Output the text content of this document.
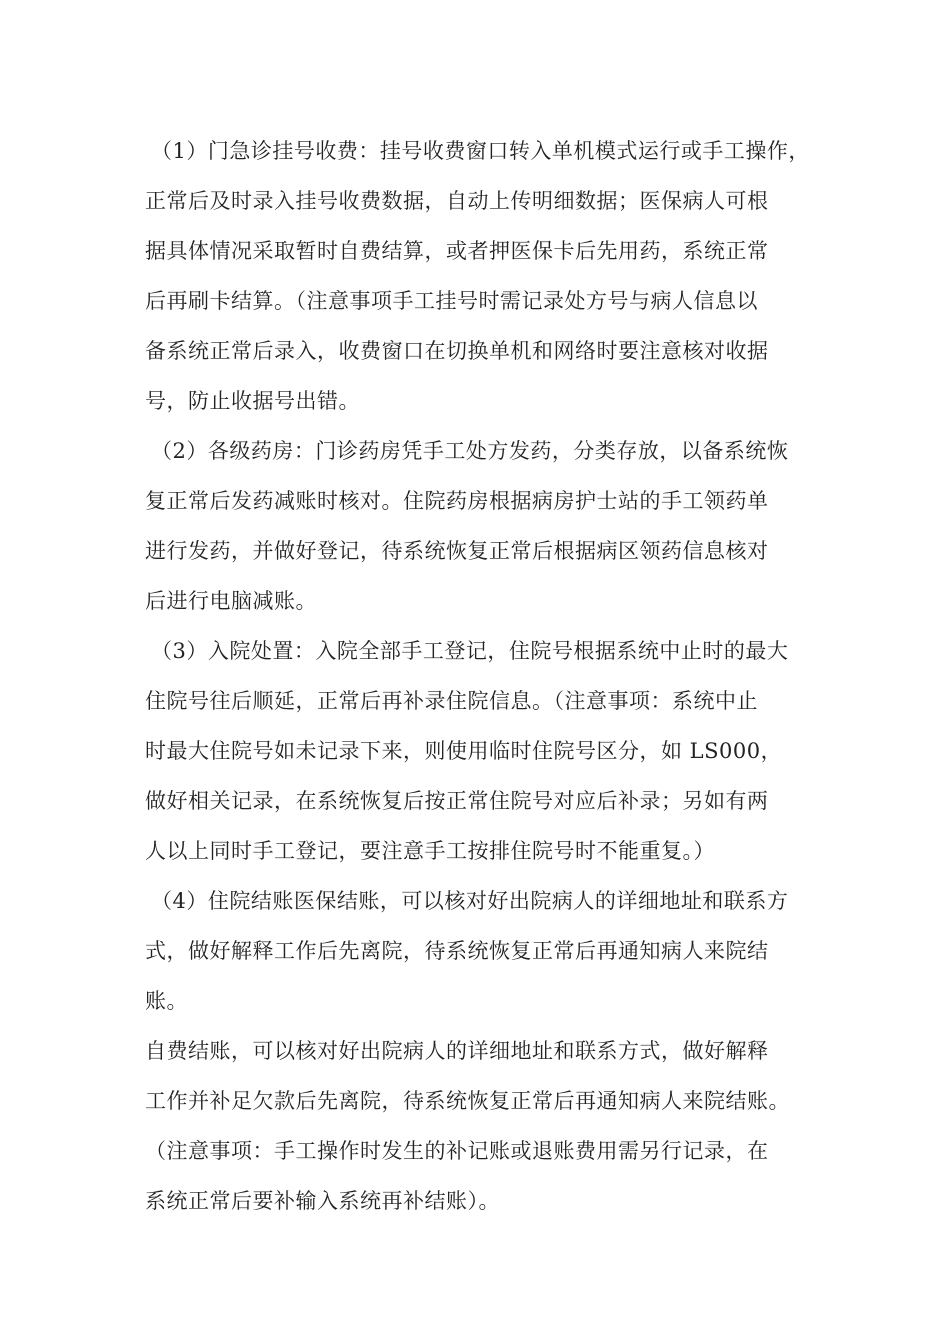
（1）门急诊挂号收费：挂号收费窗口转入单机模式运行或手工操作，
正常后及时录入挂号收费数据，自动上传明细数据；医保病人可根
据具体情况采取暂时自费结算，或者押医保卡后先用药，系统正常
后再刷卡结算。（注意事项手工挂号时需记录处方号与病人信息以
备系统正常后录入，收费窗口在切换单机和网络时要注意核对收据
号，防止收据号出错。
（2）各级药房：门诊药房凭手工处方发药，分类存放，以备系统恢
复正常后发药减账时核对。住院药房根据病房护士站的手工领药单
进行发药，并做好登记，待系统恢复正常后根据病区领药信息核对
后进行电脑减账。
（3）入院处置：入院全部手工登记，住院号根据系统中止时的最大
住院号往后顺延，正常后再补录住院信息。（注意事项：系统中止
时最大住院号如未记录下来，则使用临时住院号区分，如 LS000，
做好相关记录，在系统恢复后按正常住院号对应后补录；另如有两
人以上同时手工登记，要注意手工按排住院号时不能重复。）
（4）住院结账医保结账，可以核对好出院病人的详细地址和联系方
式，做好解释工作后先离院，待系统恢复正常后再通知病人来院结
账。
自费结账，可以核对好出院病人的详细地址和联系方式，做好解释
工作并补足欠款后先离院，待系统恢复正常后再通知病人来院结账。
（注意事项：手工操作时发生的补记账或退账费用需另行记录，在
系统正常后要补输入系统再补结账）。
